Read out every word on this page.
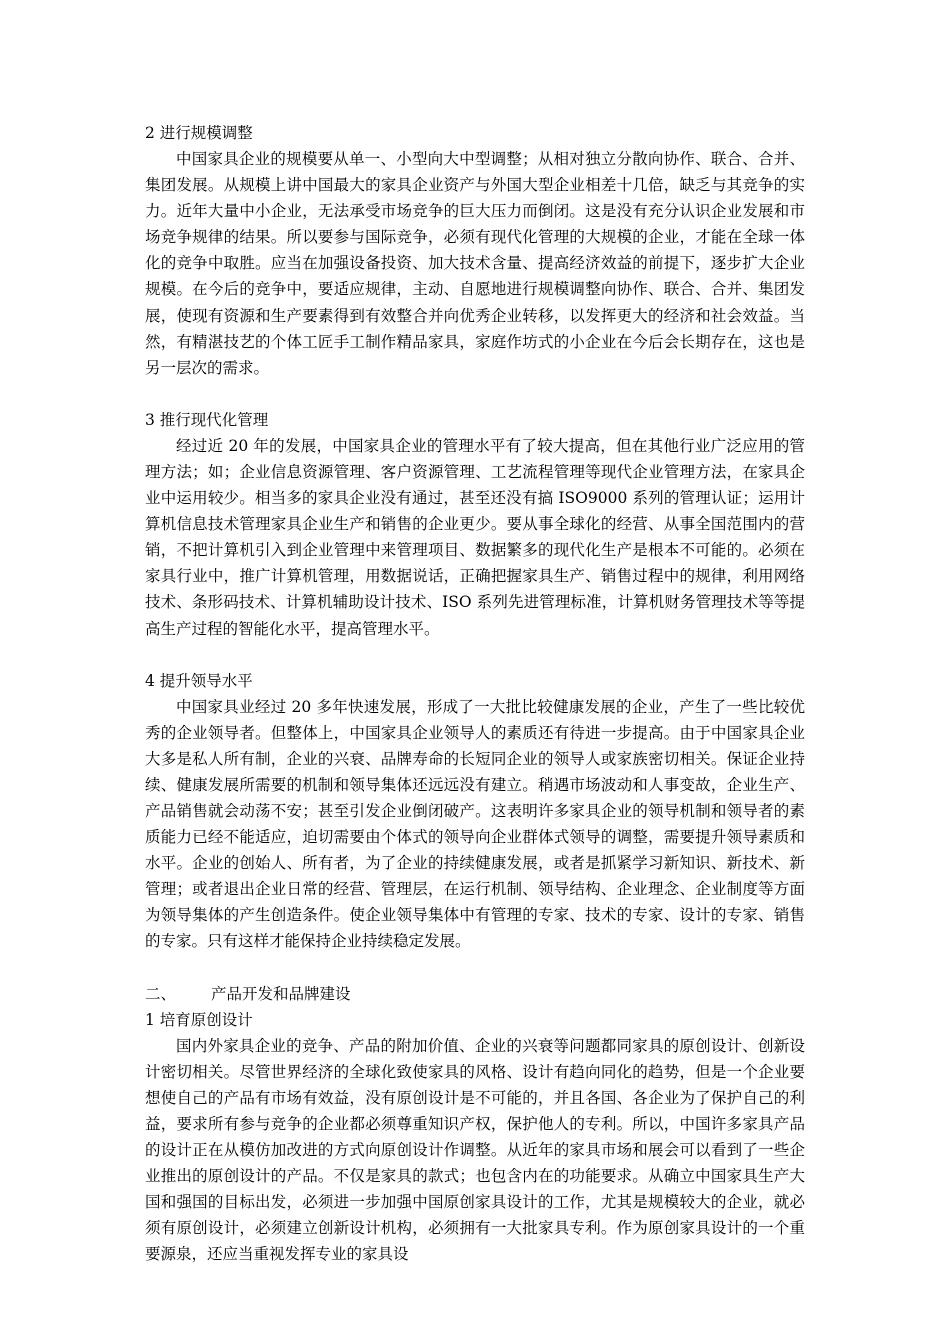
2 进行规模调整

中国家具企业的规模要从单一、小型向大中型调整；从相对独立分散向协作、联合、合并、集团发展。从规模上讲中国最大的家具企业资产与外国大型企业相差十几倍，缺乏与其竞争的实力。近年大量中小企业，无法承受市场竞争的巨大压力而倒闭。这是没有充分认识企业发展和市场竞争规律的结果。所以要参与国际竞争，必须有现代化管理的大规模的企业，才能在全球一体化的竞争中取胜。应当在加强设备投资、加大技术含量、提高经济效益的前提下，逐步扩大企业规模。在今后的竞争中，要适应规律，主动、自愿地进行规模调整向协作、联合、合并、集团发展，使现有资源和生产要素得到有效整合并向优秀企业转移，以发挥更大的经济和社会效益。当然，有精湛技艺的个体工匠手工制作精品家具，家庭作坊式的小企业在今后会长期存在，这也是另一层次的需求。

3 推行现代化管理

经过近 20 年的发展，中国家具企业的管理水平有了较大提高，但在其他行业广泛应用的管理方法；如；企业信息资源管理、客户资源管理、工艺流程管理等现代企业管理方法，在家具企业中运用较少。相当多的家具企业没有通过，甚至还没有搞 ISO9000 系列的管理认证；运用计算机信息技术管理家具企业生产和销售的企业更少。要从事全球化的经营、从事全国范围内的营销，不把计算机引入到企业管理中来管理项目、数据繁多的现代化生产是根本不可能的。必须在家具行业中，推广计算机管理，用数据说话，正确把握家具生产、销售过程中的规律，利用网络技术、条形码技术、计算机辅助设计技术、ISO 系列先进管理标准，计算机财务管理技术等等提高生产过程的智能化水平，提高管理水平。

4 提升领导水平

中国家具业经过 20 多年快速发展，形成了一大批比较健康发展的企业，产生了一些比较优秀的企业领导者。但整体上，中国家具企业领导人的素质还有待进一步提高。由于中国家具企业大多是私人所有制，企业的兴衰、品牌寿命的长短同企业的领导人或家族密切相关。保证企业持续、健康发展所需要的机制和领导集体还远远没有建立。稍遇市场波动和人事变故，企业生产、产品销售就会动荡不安；甚至引发企业倒闭破产。这表明许多家具企业的领导机制和领导者的素质能力已经不能适应，迫切需要由个体式的领导向企业群体式领导的调整，需要提升领导素质和水平。企业的创始人、所有者，为了企业的持续健康发展，或者是抓紧学习新知识、新技术、新管理；或者退出企业日常的经营、管理层，在运行机制、领导结构、企业理念、企业制度等方面为领导集体的产生创造条件。使企业领导集体中有管理的专家、技术的专家、设计的专家、销售的专家。只有这样才能保持企业持续稳定发展。

二、 产品开发和品牌建设

1 培育原创设计

国内外家具企业的竞争、产品的附加价值、企业的兴衰等问题都同家具的原创设计、创新设计密切相关。尽管世界经济的全球化致使家具的风格、设计有趋向同化的趋势，但是一个企业要想使自己的产品有市场有效益，没有原创设计是不可能的，并且各国、各企业为了保护自己的利益，要求所有参与竞争的企业都必须尊重知识产权，保护他人的专利。所以，中国许多家具产品的设计正在从模仿加改进的方式向原创设计作调整。从近年的家具市场和展会可以看到了一些企业推出的原创设计的产品。不仅是家具的款式；也包含内在的功能要求。从确立中国家具生产大国和强国的目标出发，必须进一步加强中国原创家具设计的工作，尤其是规模较大的企业，就必须有原创设计，必须建立创新设计机构，必须拥有一大批家具专利。作为原创家具设计的一个重要源泉，还应当重视发挥专业的家具设
